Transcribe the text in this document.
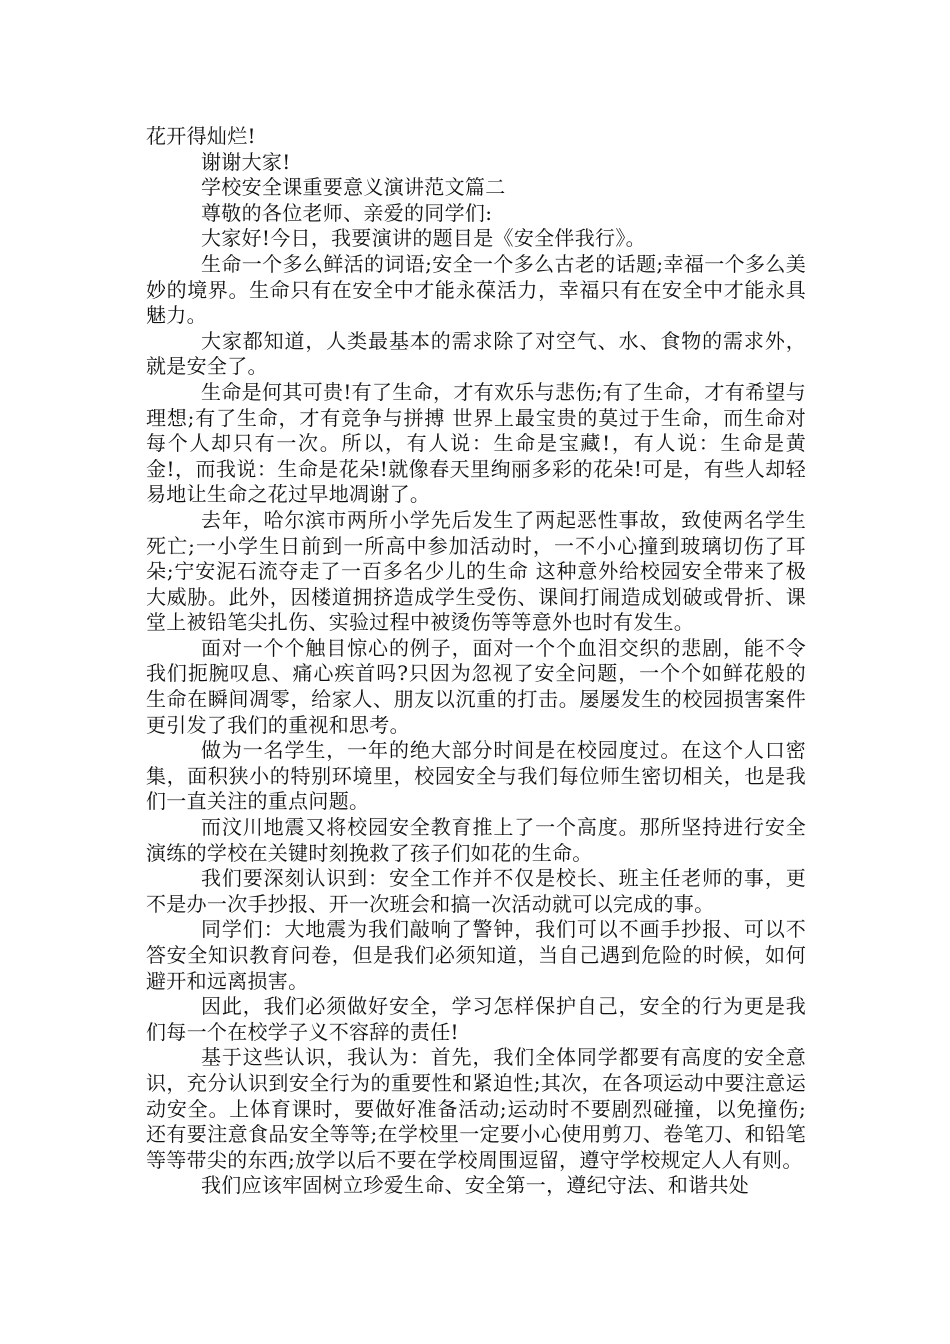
花开得灿烂!

谢谢大家!

学校安全课重要意义演讲范文篇二

尊敬的各位老师、亲爱的同学们:

大家好!今日，我要演讲的题目是《安全伴我行》。

生命一个多么鲜活的词语;安全一个多么古老的话题;幸福一个多么美妙的境界。生命只有在安全中才能永葆活力，幸福只有在安全中才能永具魅力。

大家都知道，人类最基本的需求除了对空气、水、食物的需求外，就是安全了。

生命是何其可贵!有了生命，才有欢乐与悲伤;有了生命，才有希望与理想;有了生命，才有竞争与拼搏 世界上最宝贵的莫过于生命，而生命对每个人却只有一次。所以，有人说：生命是宝藏!，有人说：生命是黄金!，而我说：生命是花朵!就像春天里绚丽多彩的花朵!可是，有些人却轻易地让生命之花过早地凋谢了。

去年，哈尔滨市两所小学先后发生了两起恶性事故，致使两名学生死亡;一小学生日前到一所高中参加活动时，一不小心撞到玻璃切伤了耳朵;宁安泥石流夺走了一百多名少儿的生命 这种意外给校园安全带来了极大威胁。此外，因楼道拥挤造成学生受伤、课间打闹造成划破或骨折、课堂上被铅笔尖扎伤、实验过程中被烫伤等等意外也时有发生。

面对一个个触目惊心的例子，面对一个个血泪交织的悲剧，能不令我们扼腕叹息、痛心疾首吗?只因为忽视了安全问题，一个个如鲜花般的生命在瞬间凋零，给家人、朋友以沉重的打击。屡屡发生的校园损害案件更引发了我们的重视和思考。

做为一名学生，一年的绝大部分时间是在校园度过。在这个人口密集，面积狭小的特别环境里，校园安全与我们每位师生密切相关，也是我们一直关注的重点问题。

而汶川地震又将校园安全教育推上了一个高度。那所坚持进行安全演练的学校在关键时刻挽救了孩子们如花的生命。

我们要深刻认识到：安全工作并不仅是校长、班主任老师的事，更不是办一次手抄报、开一次班会和搞一次活动就可以完成的事。

同学们：大地震为我们敲响了警钟，我们可以不画手抄报、可以不答安全知识教育问卷，但是我们必须知道，当自己遇到危险的时候，如何避开和远离损害。

因此，我们必须做好安全，学习怎样保护自己，安全的行为更是我们每一个在校学子义不容辞的责任!

基于这些认识，我认为：首先，我们全体同学都要有高度的安全意识，充分认识到安全行为的重要性和紧迫性;其次，在各项运动中要注意运动安全。上体育课时，要做好准备活动;运动时不要剧烈碰撞，以免撞伤;还有要注意食品安全等等;在学校里一定要小心使用剪刀、卷笔刀、和铅笔等等带尖的东西;放学以后不要在学校周围逗留，遵守学校规定人人有则。

我们应该牢固树立珍爱生命、安全第一，遵纪守法、和谐共处
